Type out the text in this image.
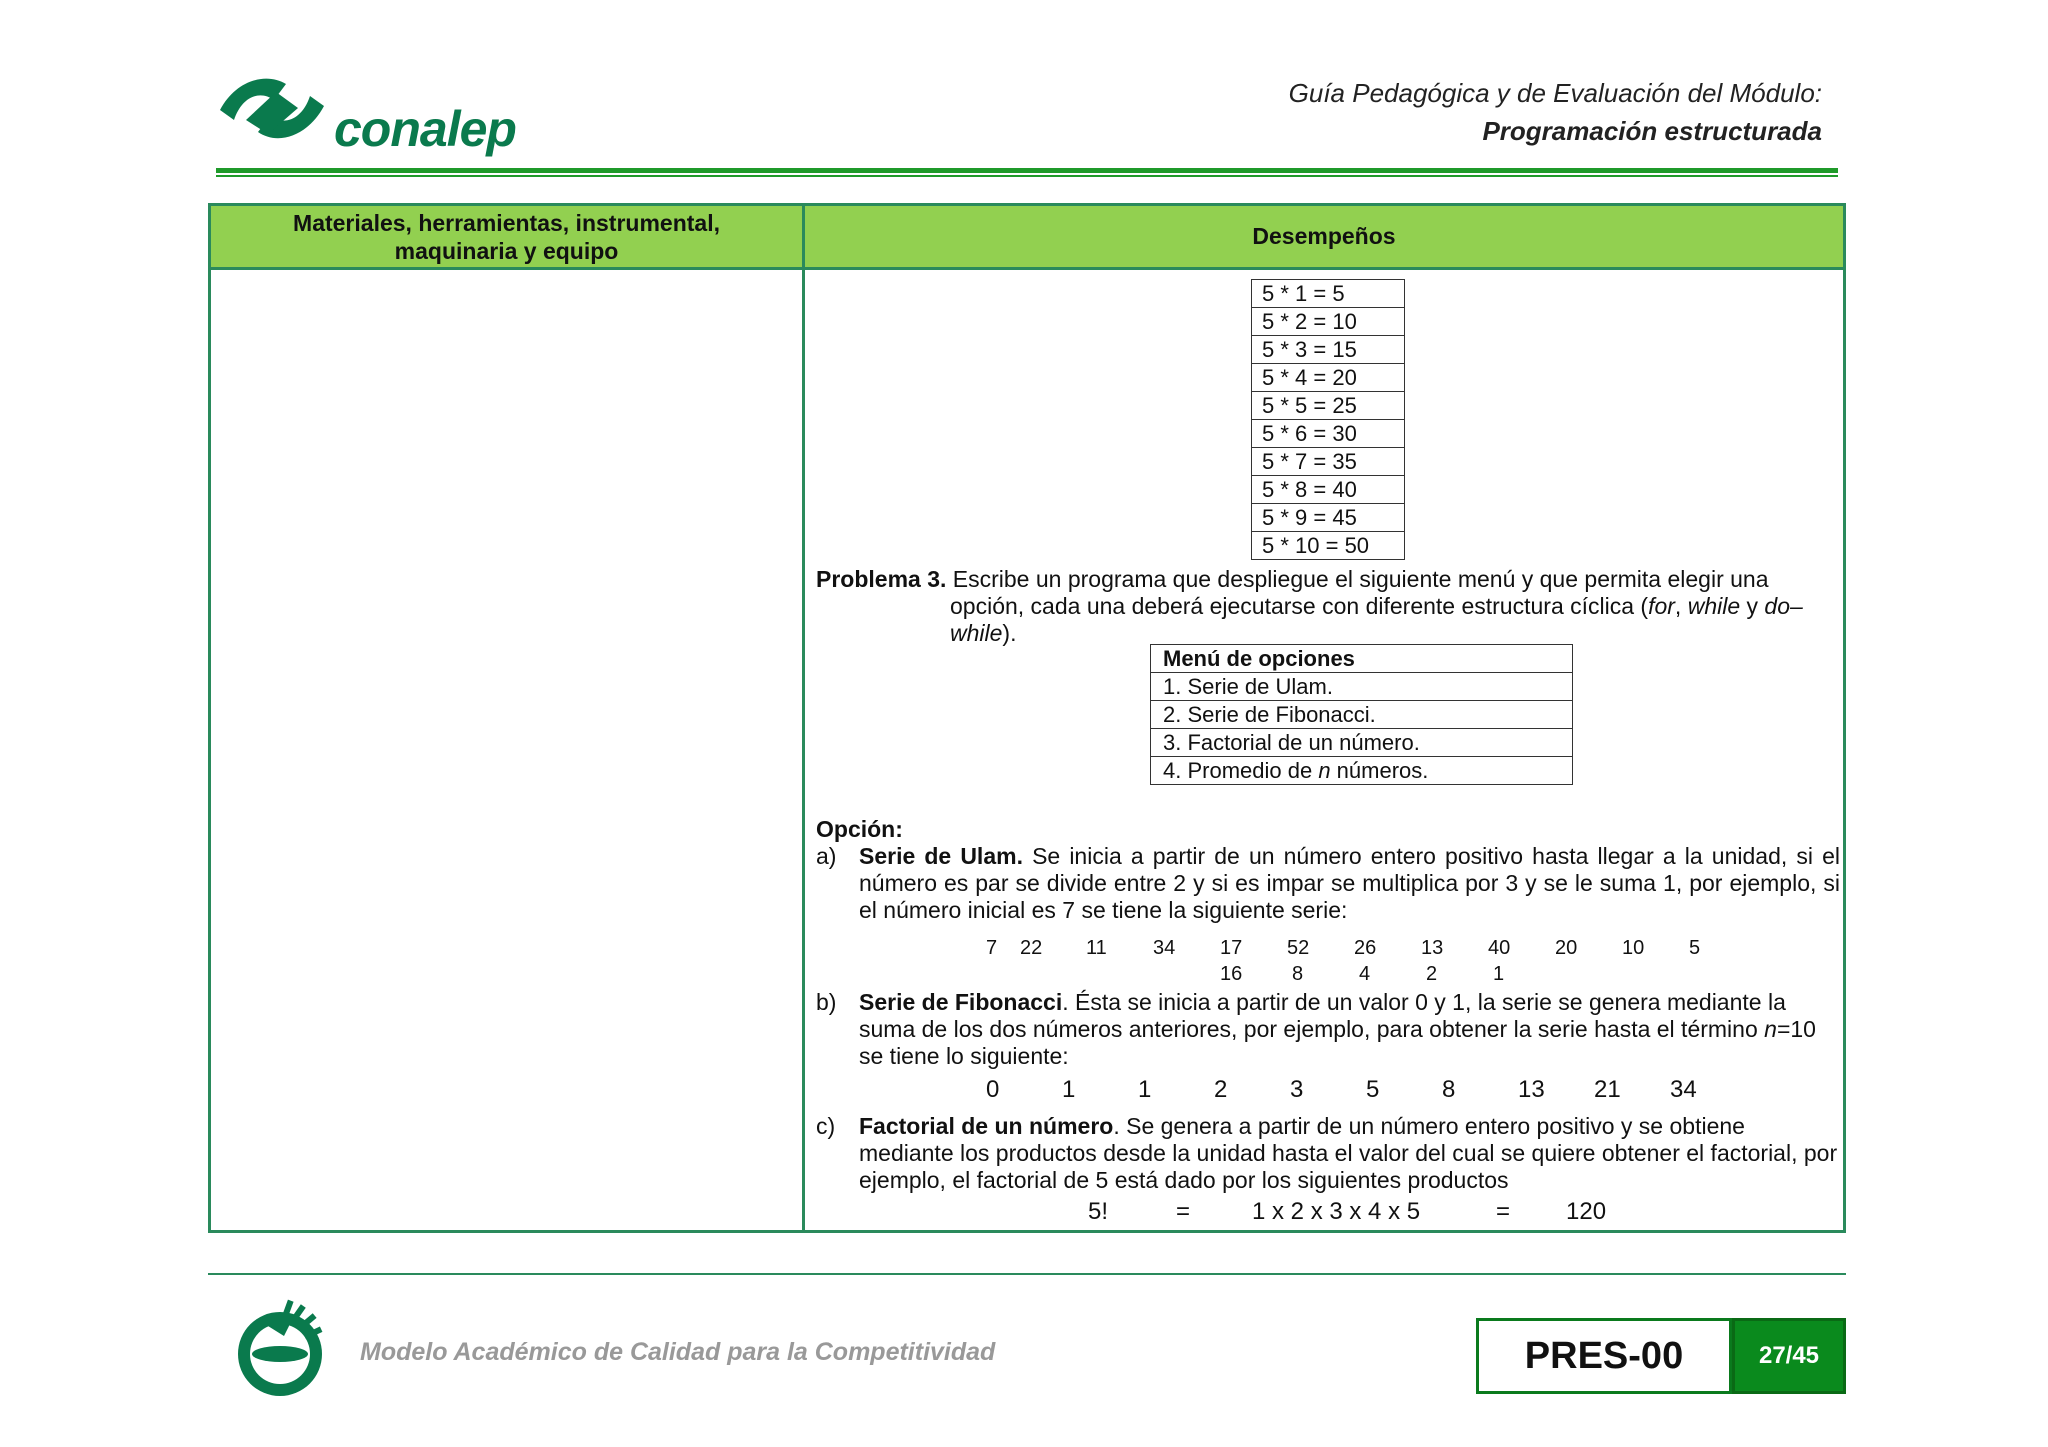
conalep
Guía Pedagógica y de Evaluación del Módulo:
Programación estructurada
Materiales, herramientas, instrumental,
maquinaria y equipo
Desempeños
5 * 1 = 5
5 * 2 = 10
5 * 3 = 15
5 * 4 = 20
5 * 5 = 25
5 * 6 = 30
5 * 7 = 35
5 * 8 = 40
5 * 9 = 45
5 * 10 = 50
Problema 3. Escribe un programa que despliegue el siguiente menú y que permita elegir una
opción, cada una deberá ejecutarse con diferente estructura cíclica (for, while y do–
while).
Menú de opciones
1. Serie de Ulam.
2. Serie de Fibonacci.
3. Factorial de un número.
4. Promedio de n números.
Opción:
a) Serie de Ulam. Se inicia a partir de un número entero positivo hasta llegar a la unidad, si el número es par se divide entre 2 y si es impar se multiplica por 3 y se le suma 1, por ejemplo, si el número inicial es 7 se tiene la siguiente serie:
7 22 11 34 17 52 26 13 40 20 10 5
16 8	4	2	1
b) Serie de Fibonacci. Ésta se inicia a partir de un valor 0 y 1, la serie se genera mediante la suma de los dos números anteriores, por ejemplo, para obtener la serie hasta el término n=10 se tiene lo siguiente:
0	1	1	2	3	5	8	13 21 34
c) Factorial de un número. Se genera a partir de un número entero positivo y se obtiene mediante los productos desde la unidad hasta el valor del cual se quiere obtener el factorial, por ejemplo, el factorial de 5 está dado por los siguientes productos
5!	=	1 x 2 x 3 x 4 x 5	= 120
Modelo Académico de Calidad para la Competitividad	PRES-00	27/45
